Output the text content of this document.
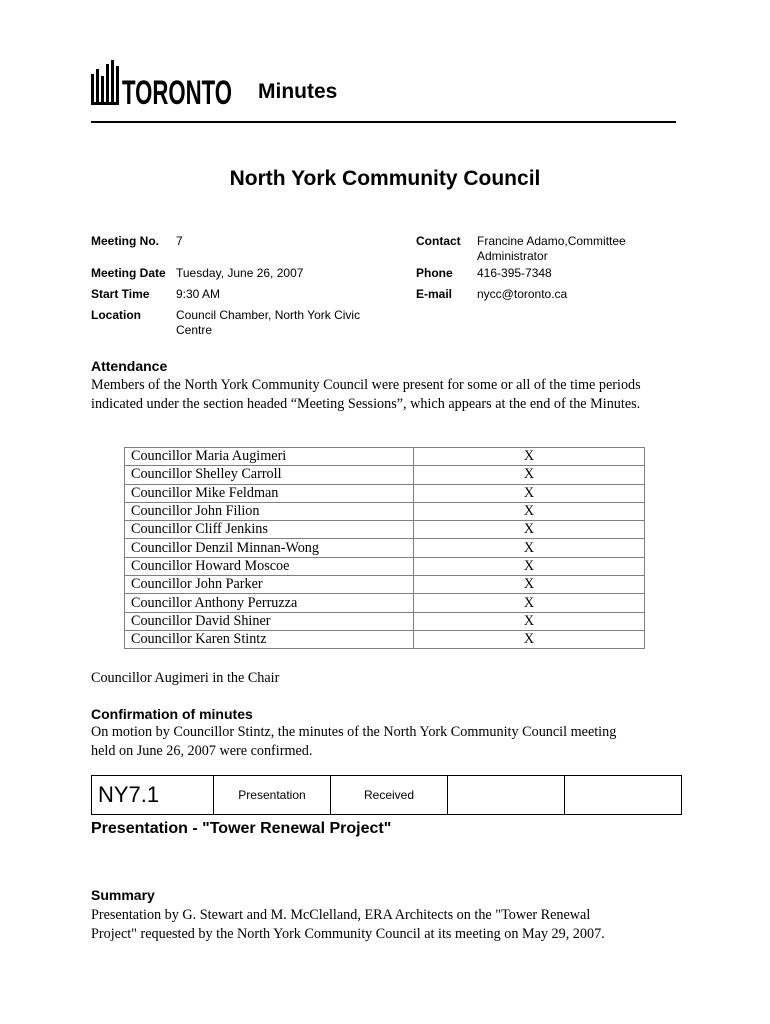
TORONTO Minutes
North York Community Council
Meeting No. 7
Meeting Date Tuesday, June 26, 2007
Start Time 9:30 AM
Location	Council Chamber, North York Civic
Centre
Contact Francine Adamo,Committee
Administrator
Phone 416-395-7348
E-mail nycc@toronto.ca
Attendance
Members of the North York Community Council were present for some or all of the time periods
indicated under the section headed “Meeting Sessions”, which appears at the end of the Minutes.
Councillor Maria Augimeri	X
Councillor Shelley Carroll	X
Councillor Mike Feldman	X
Councillor John Filion	X
Councillor Cliff Jenkins	X
Councillor Denzil Minnan-Wong	X
Councillor Howard Moscoe	X
Councillor John Parker	X
Councillor Anthony Perruzza	X
Councillor David Shiner	X
Councillor Karen Stintz	X
Councillor Augimeri in the Chair
Confirmation of minutes
On motion by Councillor Stintz, the minutes of the North York Community Council meeting
held on June 26, 2007 were confirmed.
NY7.1	Presentation	Received		
Presentation - "Tower Renewal Project"
Summary
Presentation by G. Stewart and M. McClelland, ERA Architects on the "Tower Renewal
Project" requested by the North York Community Council at its meeting on May 29, 2007.
